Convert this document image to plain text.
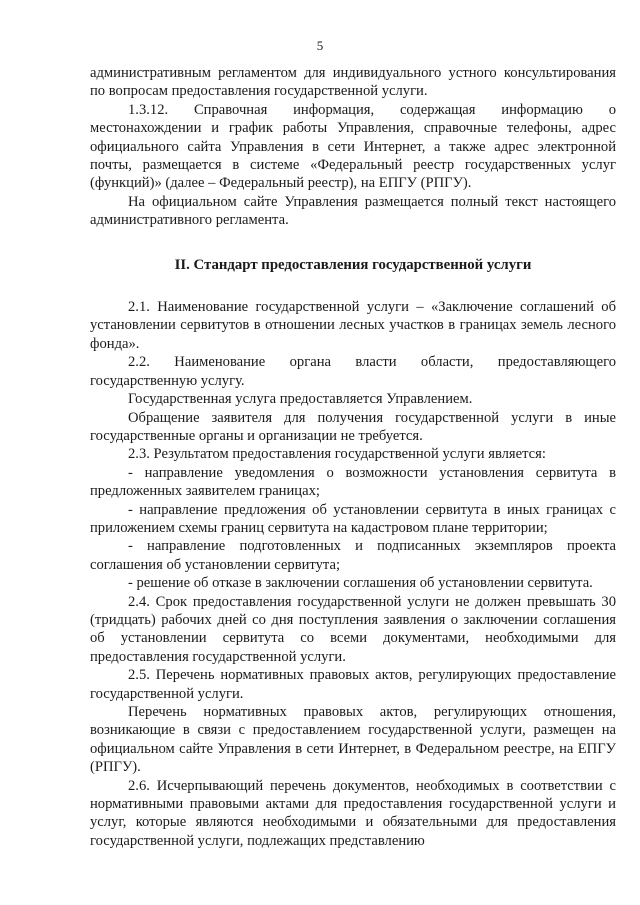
5

административным регламентом для индивидуального устного консультирования по вопросам предоставления государственной услуги.

1.3.12. Справочная информация, содержащая информацию о местонахождении и график работы Управления, справочные телефоны, адрес официального сайта Управления в сети Интернет, а также адрес электронной почты, размещается в системе «Федеральный реестр государственных услуг (функций)» (далее – Федеральный реестр), на ЕПГУ (РПГУ).

На официальном сайте Управления размещается полный текст настоящего административного регламента.

II. Стандарт предоставления государственной услуги

2.1. Наименование государственной услуги – «Заключение соглашений об установлении сервитутов в отношении лесных участков в границах земель лесного фонда».

2.2. Наименование органа власти области, предоставляющего государственную услугу.

Государственная услуга предоставляется Управлением.

Обращение заявителя для получения государственной услуги в иные государственные органы и организации не требуется.

2.3. Результатом предоставления государственной услуги является:

- направление уведомления о возможности установления сервитута в предложенных заявителем границах;

- направление предложения об установлении сервитута в иных границах с приложением схемы границ сервитута на кадастровом плане территории;

- направление подготовленных и подписанных экземпляров проекта соглашения об установлении сервитута;

- решение об отказе в заключении соглашения об установлении сервитута.

2.4. Срок предоставления государственной услуги не должен превышать 30 (тридцать) рабочих дней со дня поступления заявления о заключении соглашения об установлении сервитута со всеми документами, необходимыми для предоставления государственной услуги.

2.5. Перечень нормативных правовых актов, регулирующих предоставление государственной услуги.

Перечень нормативных правовых актов, регулирующих отношения, возникающие в связи с предоставлением государственной услуги, размещен на официальном сайте Управления в сети Интернет, в Федеральном реестре, на ЕПГУ (РПГУ).

2.6. Исчерпывающий перечень документов, необходимых в соответствии с нормативными правовыми актами для предоставления государственной услуги и услуг, которые являются необходимыми и обязательными для предоставления государственной услуги, подлежащих представлению
